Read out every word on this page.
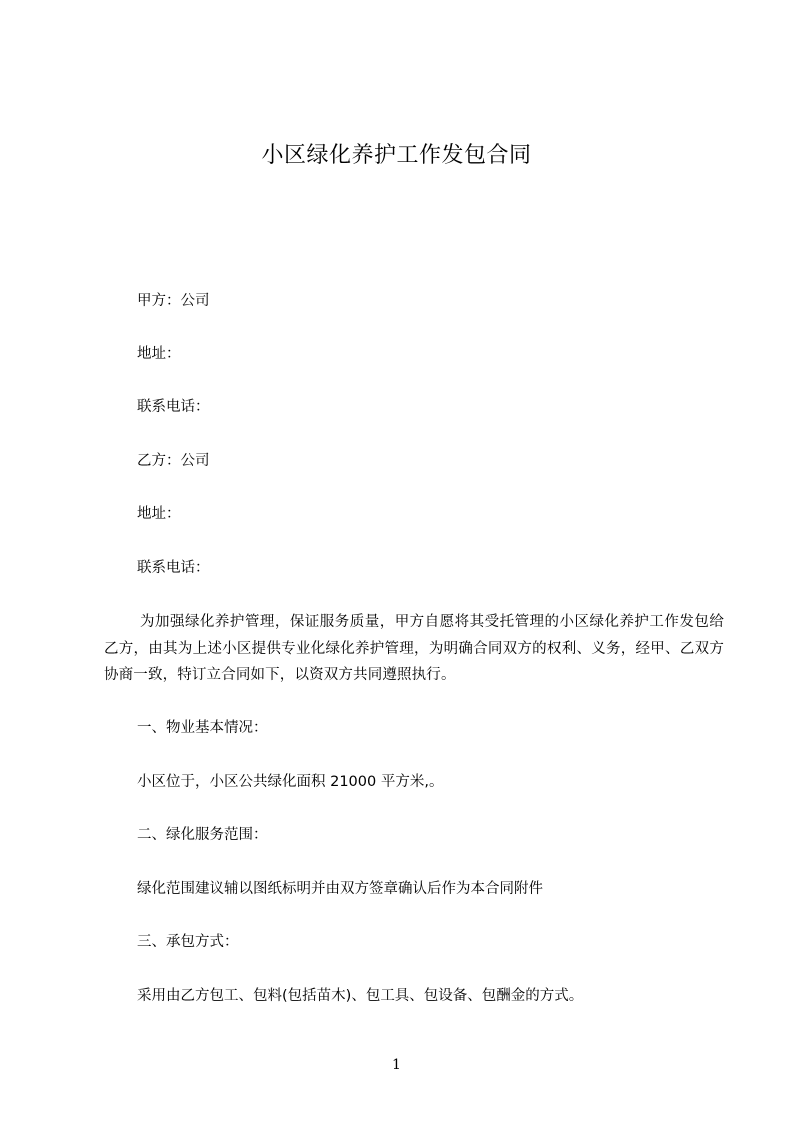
小区绿化养护工作发包合同
甲方：公司
地址：
联系电话：
乙方：公司
地址：
联系电话：
为加强绿化养护管理，保证服务质量，甲方自愿将其受托管理的小区绿化养护工作发包给乙方，由其为上述小区提供专业化绿化养护管理，为明确合同双方的权利、义务，经甲、乙双方协商一致，特订立合同如下，以资双方共同遵照执行。
一、物业基本情况：
小区位于，小区公共绿化面积 21000 平方米,。
二、绿化服务范围：
绿化范围建议辅以图纸标明并由双方签章确认后作为本合同附件
三、承包方式：
采用由乙方包工、包料(包括苗木)、包工具、包设备、包酬金的方式。
1
